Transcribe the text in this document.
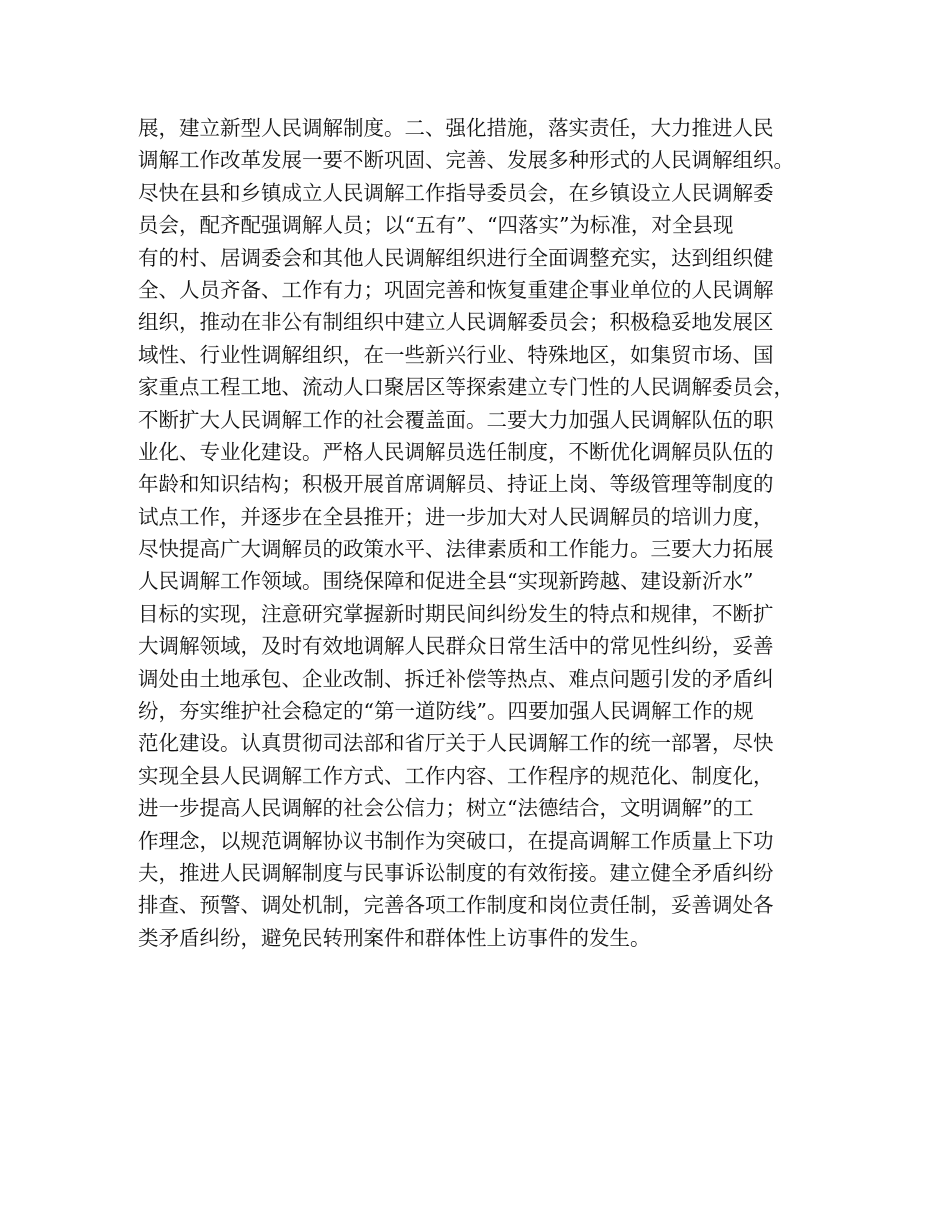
展，建立新型人民调解制度。二、强化措施，落实责任，大力推进人民
调解工作改革发展一要不断巩固、完善、发展多种形式的人民调解组织。
尽快在县和乡镇成立人民调解工作指导委员会，在乡镇设立人民调解委
员会，配齐配强调解人员；以“五有”、“四落实”为标准，对全县现
有的村、居调委会和其他人民调解组织进行全面调整充实，达到组织健
全、人员齐备、工作有力；巩固完善和恢复重建企事业单位的人民调解
组织，推动在非公有制组织中建立人民调解委员会；积极稳妥地发展区
域性、行业性调解组织，在一些新兴行业、特殊地区，如集贸市场、国
家重点工程工地、流动人口聚居区等探索建立专门性的人民调解委员会，
不断扩大人民调解工作的社会覆盖面。二要大力加强人民调解队伍的职
业化、专业化建设。严格人民调解员选任制度，不断优化调解员队伍的
年龄和知识结构；积极开展首席调解员、持证上岗、等级管理等制度的
试点工作，并逐步在全县推开；进一步加大对人民调解员的培训力度，
尽快提高广大调解员的政策水平、法律素质和工作能力。三要大力拓展
人民调解工作领域。围绕保障和促进全县“实现新跨越、建设新沂水”
目标的实现，注意研究掌握新时期民间纠纷发生的特点和规律，不断扩
大调解领域，及时有效地调解人民群众日常生活中的常见性纠纷，妥善
调处由土地承包、企业改制、拆迁补偿等热点、难点问题引发的矛盾纠
纷，夯实维护社会稳定的“第一道防线”。四要加强人民调解工作的规
范化建设。认真贯彻司法部和省厅关于人民调解工作的统一部署，尽快
实现全县人民调解工作方式、工作内容、工作程序的规范化、制度化，
进一步提高人民调解的社会公信力；树立“法德结合，文明调解”的工
作理念，以规范调解协议书制作为突破口，在提高调解工作质量上下功
夫，推进人民调解制度与民事诉讼制度的有效衔接。建立健全矛盾纠纷
排查、预警、调处机制，完善各项工作制度和岗位责任制，妥善调处各
类矛盾纠纷，避免民转刑案件和群体性上访事件的发生。
